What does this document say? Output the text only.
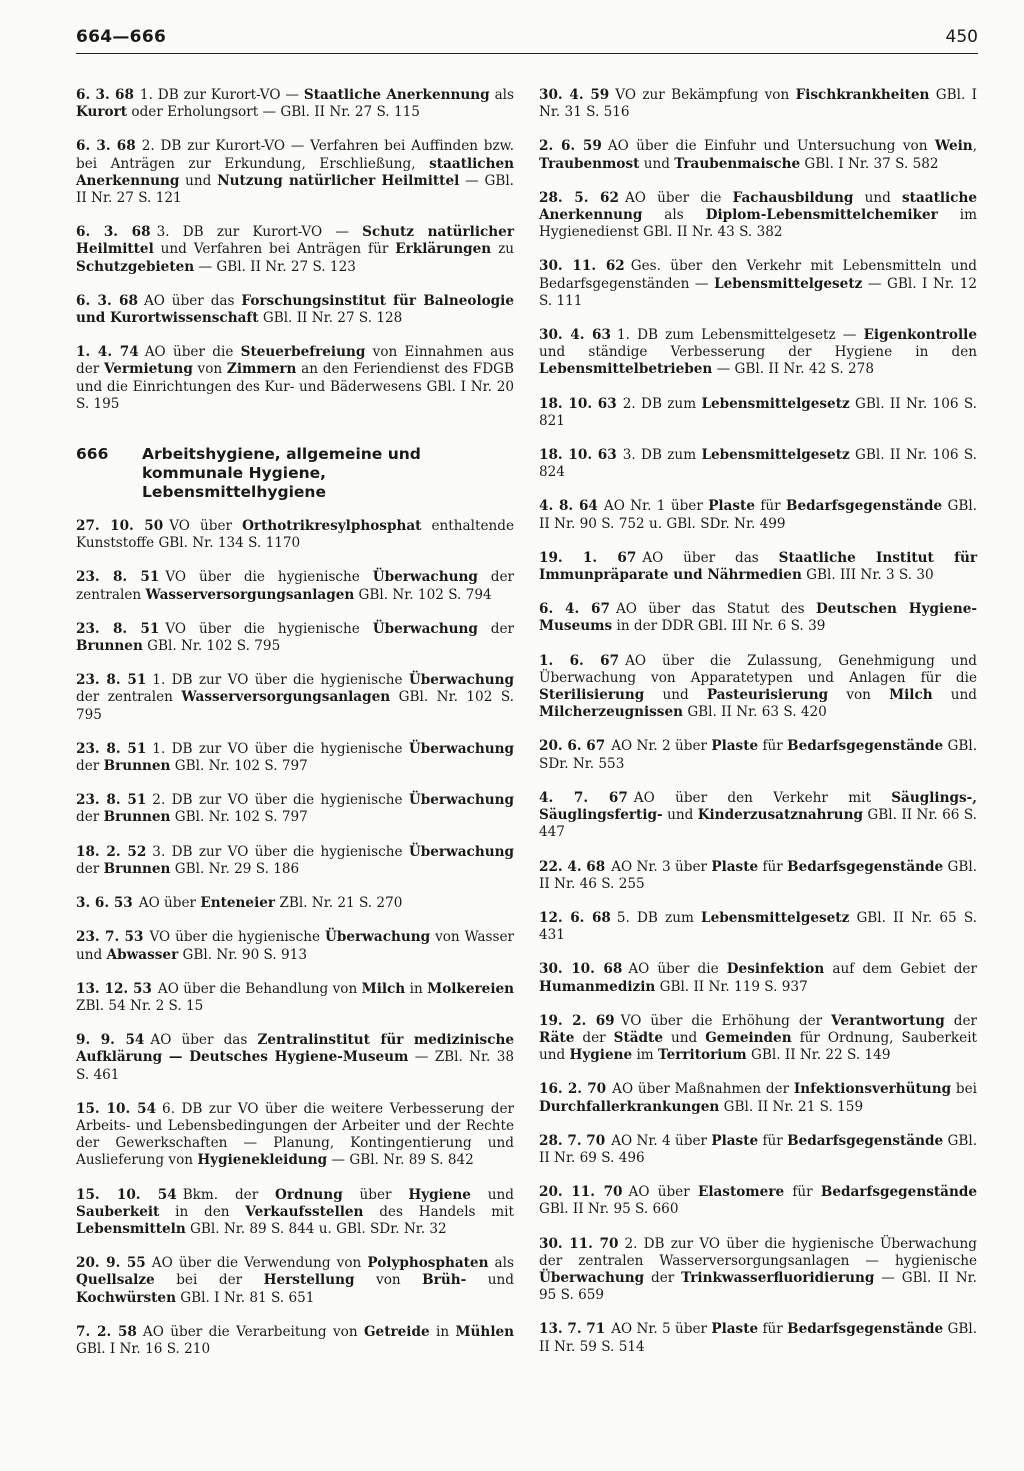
664—666	450

6. 3. 68 1. DB zur Kurort-VO — Staatliche Anerkennung als Kurort oder Erholungsort — GBl. II Nr. 27 S. 115

6. 3. 68 2. DB zur Kurort-VO — Verfahren bei Auffinden bzw. bei Anträgen zur Erkundung, Erschließung, staatlichen Anerkennung und Nutzung natürlicher Heilmittel — GBl. II Nr. 27 S. 121

6. 3. 68 3. DB zur Kurort-VO — Schutz natürlicher Heilmittel und Verfahren bei Anträgen für Erklärungen zu Schutzgebieten — GBl. II Nr. 27 S. 123

6. 3. 68 AO über das Forschungsinstitut für Balneologie und Kurortwissenschaft GBl. II Nr. 27 S. 128

1. 4. 74 AO über die Steuerbefreiung von Einnahmen aus der Vermietung von Zimmern an den Feriendienst des FDGB und die Einrichtungen des Kur- und Bäderwesens GBl. I Nr. 20 S. 195

666	Arbeitshygiene, allgemeine und kommunale Hygiene, Lebensmittelhygiene

27. 10. 50 VO über Orthotrikresylphosphat enthaltende Kunststoffe GBl. Nr. 134 S. 1170

23. 8. 51 VO über die hygienische Überwachung der zentralen Wasserversorgungsanlagen GBl. Nr. 102 S. 794

23. 8. 51 VO über die hygienische Überwachung der Brunnen GBl. Nr. 102 S. 795

23. 8. 51 1. DB zur VO über die hygienische Überwachung der zentralen Wasserversorgungsanlagen GBl. Nr. 102 S. 795

23. 8. 51 1. DB zur VO über die hygienische Überwachung der Brunnen GBl. Nr. 102 S. 797

23. 8. 51 2. DB zur VO über die hygienische Überwachung der Brunnen GBl. Nr. 102 S. 797

18. 2. 52 3. DB zur VO über die hygienische Überwachung der Brunnen GBl. Nr. 29 S. 186

3. 6. 53 AO über Enteneier ZBl. Nr. 21 S. 270

23. 7. 53 VO über die hygienische Überwachung von Wasser und Abwasser GBl. Nr. 90 S. 913

13. 12. 53 AO über die Behandlung von Milch in Molkereien ZBl. 54 Nr. 2 S. 15

9. 9. 54 AO über das Zentralinstitut für medizinische Aufklärung — Deutsches Hygiene-Museum — ZBl. Nr. 38 S. 461

15. 10. 54 6. DB zur VO über die weitere Verbesserung der Arbeits- und Lebensbedingungen der Arbeiter und der Rechte der Gewerkschaften — Planung, Kontingentierung und Auslieferung von Hygienekleidung — GBl. Nr. 89 S. 842

15. 10. 54 Bkm. der Ordnung über Hygiene und Sauberkeit in den Verkaufsstellen des Handels mit Lebensmitteln GBl. Nr. 89 S. 844 u. GBl. SDr. Nr. 32

20. 9. 55 AO über die Verwendung von Polyphosphaten als Quellsalze bei der Herstellung von Brüh- und Kochwürsten GBl. I Nr. 81 S. 651

7. 2. 58 AO über die Verarbeitung von Getreide in Mühlen GBl. I Nr. 16 S. 210

30. 4. 59 VO zur Bekämpfung von Fischkrankheiten GBl. I Nr. 31 S. 516

2. 6. 59 AO über die Einfuhr und Untersuchung von Wein, Traubenmost und Traubenmaische GBl. I Nr. 37 S. 582

28. 5. 62 AO über die Fachausbildung und staatliche Anerkennung als Diplom-Lebensmittelchemiker im Hygienedienst GBl. II Nr. 43 S. 382

30. 11. 62 Ges. über den Verkehr mit Lebensmitteln und Bedarfsgegenständen — Lebensmittelgesetz — GBl. I Nr. 12 S. 111

30. 4. 63 1. DB zum Lebensmittelgesetz — Eigenkontrolle und ständige Verbesserung der Hygiene in den Lebensmittelbetrieben — GBl. II Nr. 42 S. 278

18. 10. 63 2. DB zum Lebensmittelgesetz GBl. II Nr. 106 S. 821

18. 10. 63 3. DB zum Lebensmittelgesetz GBl. II Nr. 106 S. 824

4. 8. 64 AO Nr. 1 über Plaste für Bedarfsgegenstände GBl. II Nr. 90 S. 752 u. GBl. SDr. Nr. 499

19. 1. 67 AO über das Staatliche Institut für Immunpräparate und Nährmedien GBl. III Nr. 3 S. 30

6. 4. 67 AO über das Statut des Deutschen Hygiene-Museums in der DDR GBl. III Nr. 6 S. 39

1. 6. 67 AO über die Zulassung, Genehmigung und Überwachung von Apparatetypen und Anlagen für die Sterilisierung und Pasteurisierung von Milch und Milcherzeugnissen GBl. II Nr. 63 S. 420

20. 6. 67 AO Nr. 2 über Plaste für Bedarfsgegenstände GBl. SDr. Nr. 553

4. 7. 67 AO über den Verkehr mit Säuglings-, Säuglingsfertig- und Kinderzusatznahrung GBl. II Nr. 66 S. 447

22. 4. 68 AO Nr. 3 über Plaste für Bedarfsgegenstände GBl. II Nr. 46 S. 255

12. 6. 68 5. DB zum Lebensmittelgesetz GBl. II Nr. 65 S. 431

30. 10. 68 AO über die Desinfektion auf dem Gebiet der Humanmedizin GBl. II Nr. 119 S. 937

19. 2. 69 VO über die Erhöhung der Verantwortung der Räte der Städte und Gemeinden für Ordnung, Sauberkeit und Hygiene im Territorium GBl. II Nr. 22 S. 149

16. 2. 70 AO über Maßnahmen der Infektionsverhütung bei Durchfallerkrankungen GBl. II Nr. 21 S. 159

28. 7. 70 AO Nr. 4 über Plaste für Bedarfsgegenstände GBl. II Nr. 69 S. 496

20. 11. 70 AO über Elastomere für Bedarfsgegenstände GBl. II Nr. 95 S. 660

30. 11. 70 2. DB zur VO über die hygienische Überwachung der zentralen Wasserversorgungsanlagen — hygienische Überwachung der Trinkwasserfluoridierung — GBl. II Nr. 95 S. 659

13. 7. 71 AO Nr. 5 über Plaste für Bedarfsgegenstände GBl. II Nr. 59 S. 514
